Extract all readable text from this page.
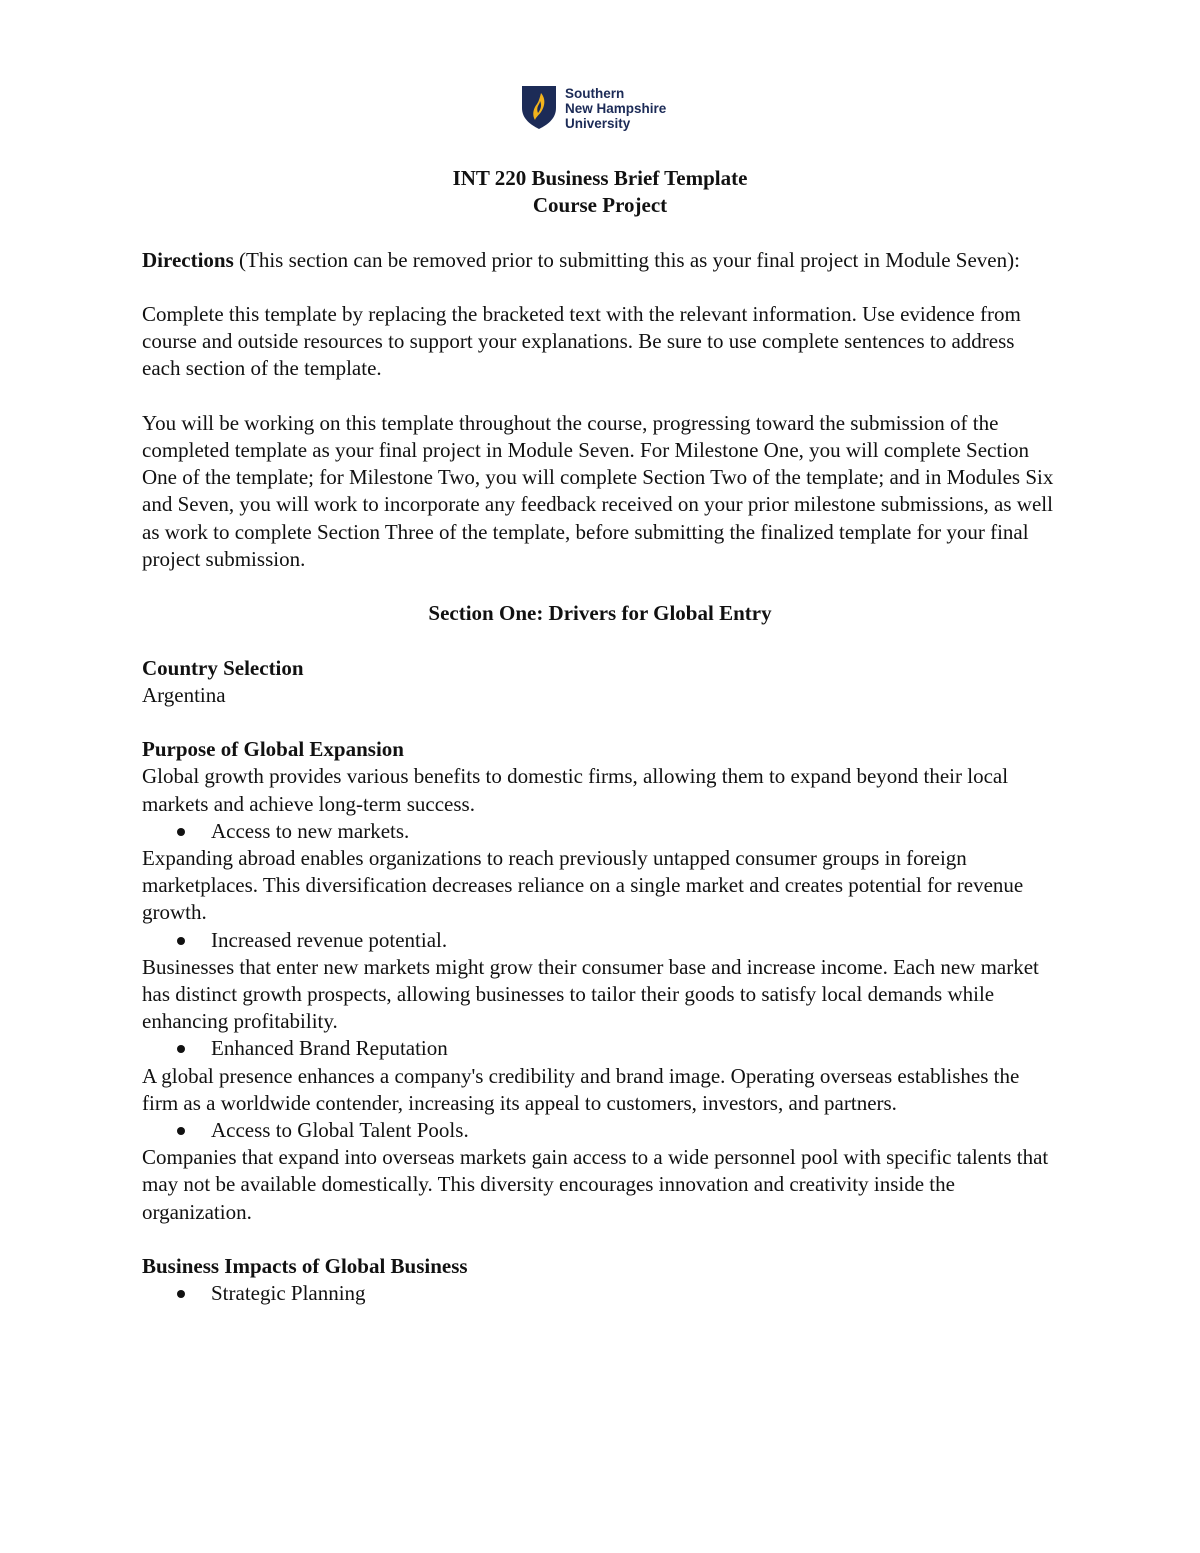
Southern
New Hampshire
University

INT 220 Business Brief Template

Course Project

Directions (This section can be removed prior to submitting this as your final project in Module Seven):

Complete this template by replacing the bracketed text with the relevant information. Use evidence from course and outside resources to support your explanations. Be sure to use complete sentences to address each section of the template.

You will be working on this template throughout the course, progressing toward the submission of the completed template as your final project in Module Seven. For Milestone One, you will complete Section One of the template; for Milestone Two, you will complete Section Two of the template; and in Modules Six and Seven, you will work to incorporate any feedback received on your prior milestone submissions, as well as work to complete Section Three of the template, before submitting the finalized template for your final project submission.

Section One: Drivers for Global Entry

Country Selection

Argentina

Purpose of Global Expansion

Global growth provides various benefits to domestic firms, allowing them to expand beyond their local markets and achieve long-term success.

Access to new markets.

Expanding abroad enables organizations to reach previously untapped consumer groups in foreign marketplaces. This diversification decreases reliance on a single market and creates potential for revenue growth.

Increased revenue potential.

Businesses that enter new markets might grow their consumer base and increase income. Each new market has distinct growth prospects, allowing businesses to tailor their goods to satisfy local demands while enhancing profitability.

Enhanced Brand Reputation

A global presence enhances a company's credibility and brand image. Operating overseas establishes the firm as a worldwide contender, increasing its appeal to customers, investors, and partners.

Access to Global Talent Pools.

Companies that expand into overseas markets gain access to a wide personnel pool with specific talents that may not be available domestically. This diversity encourages innovation and creativity inside the organization.

Business Impacts of Global Business

Strategic Planning
